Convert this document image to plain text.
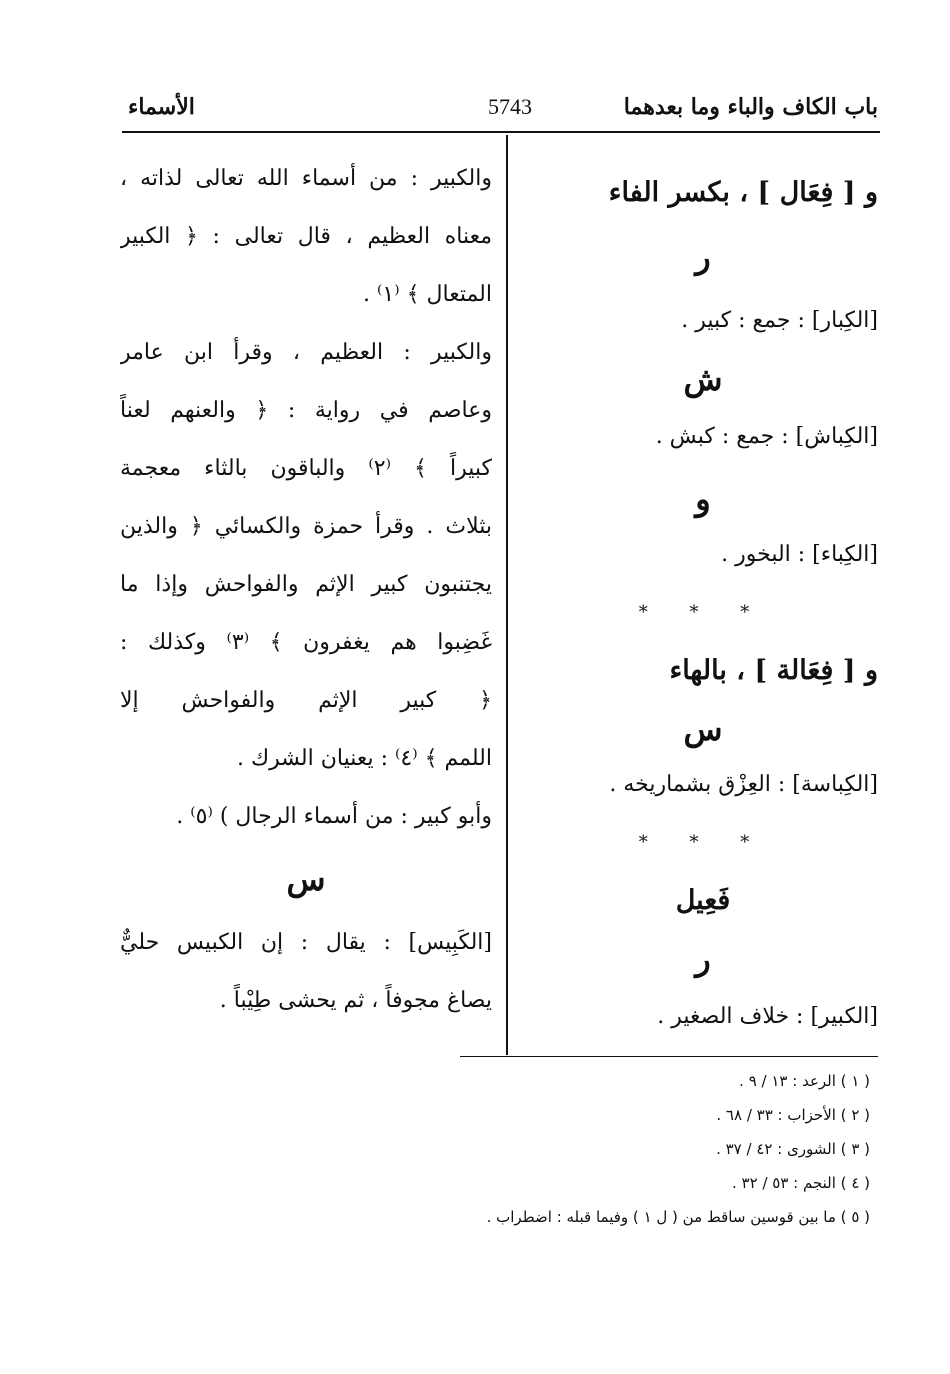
باب الكاف والباء وما بعدهما
5743
الأسماء
و [ فِعَال ] ، بكسر الفاء
ر
[الكِبار] : جمع : كبير .
ش
[الكِباش] : جمع : كبش .
و
[الكِباء] : البخور .
* * *
و [ فِعَالة ] ، بالهاء
س
[الكِباسة] : العِزْق بشماريخه .
* * *
فَعِيل
ر
[الكبير] : خلاف الصغير .
والكبير : من أسماء الله تعالى لذاته ،
معناه العظيم ، قال تعالى : ﴿ الكبير
المتعال ﴾ ⁽١⁾ .
والكبير : العظيم ، وقرأ ابن عامر
وعاصم في رواية : ﴿ والعنهم لعناً
كبيراً ﴾ ⁽٢⁾ والباقون بالثاء معجمة
بثلاث . وقرأ حمزة والكسائي ﴿ والذين
يجتنبون كبير الإثم والفواحش وإذا ما
غَضِبوا هم يغفرون ﴾ ⁽٣⁾ وكذلك :
﴿ كبير الإثم والفواحش إلا
اللمم ﴾ ⁽٤⁾ : يعنيان الشرك .
وأبو كبير : من أسماء الرجال ) ⁽٥⁾ .
س
[الكَبِيس] : يقال : إن الكبيس حليٌّ
يصاغ مجوفاً ، ثم يحشى طِيْباً .
( ١ ) الرعد : ١٣ / ٩ .
( ٢ ) الأحزاب : ٣٣ / ٦٨ .
( ٣ ) الشورى : ٤٢ / ٣٧ .
( ٤ ) النجم : ٥٣ / ٣٢ .
( ٥ ) ما بين قوسين ساقط من ( ل ١ ) وفيما قبله : اضطراب .
